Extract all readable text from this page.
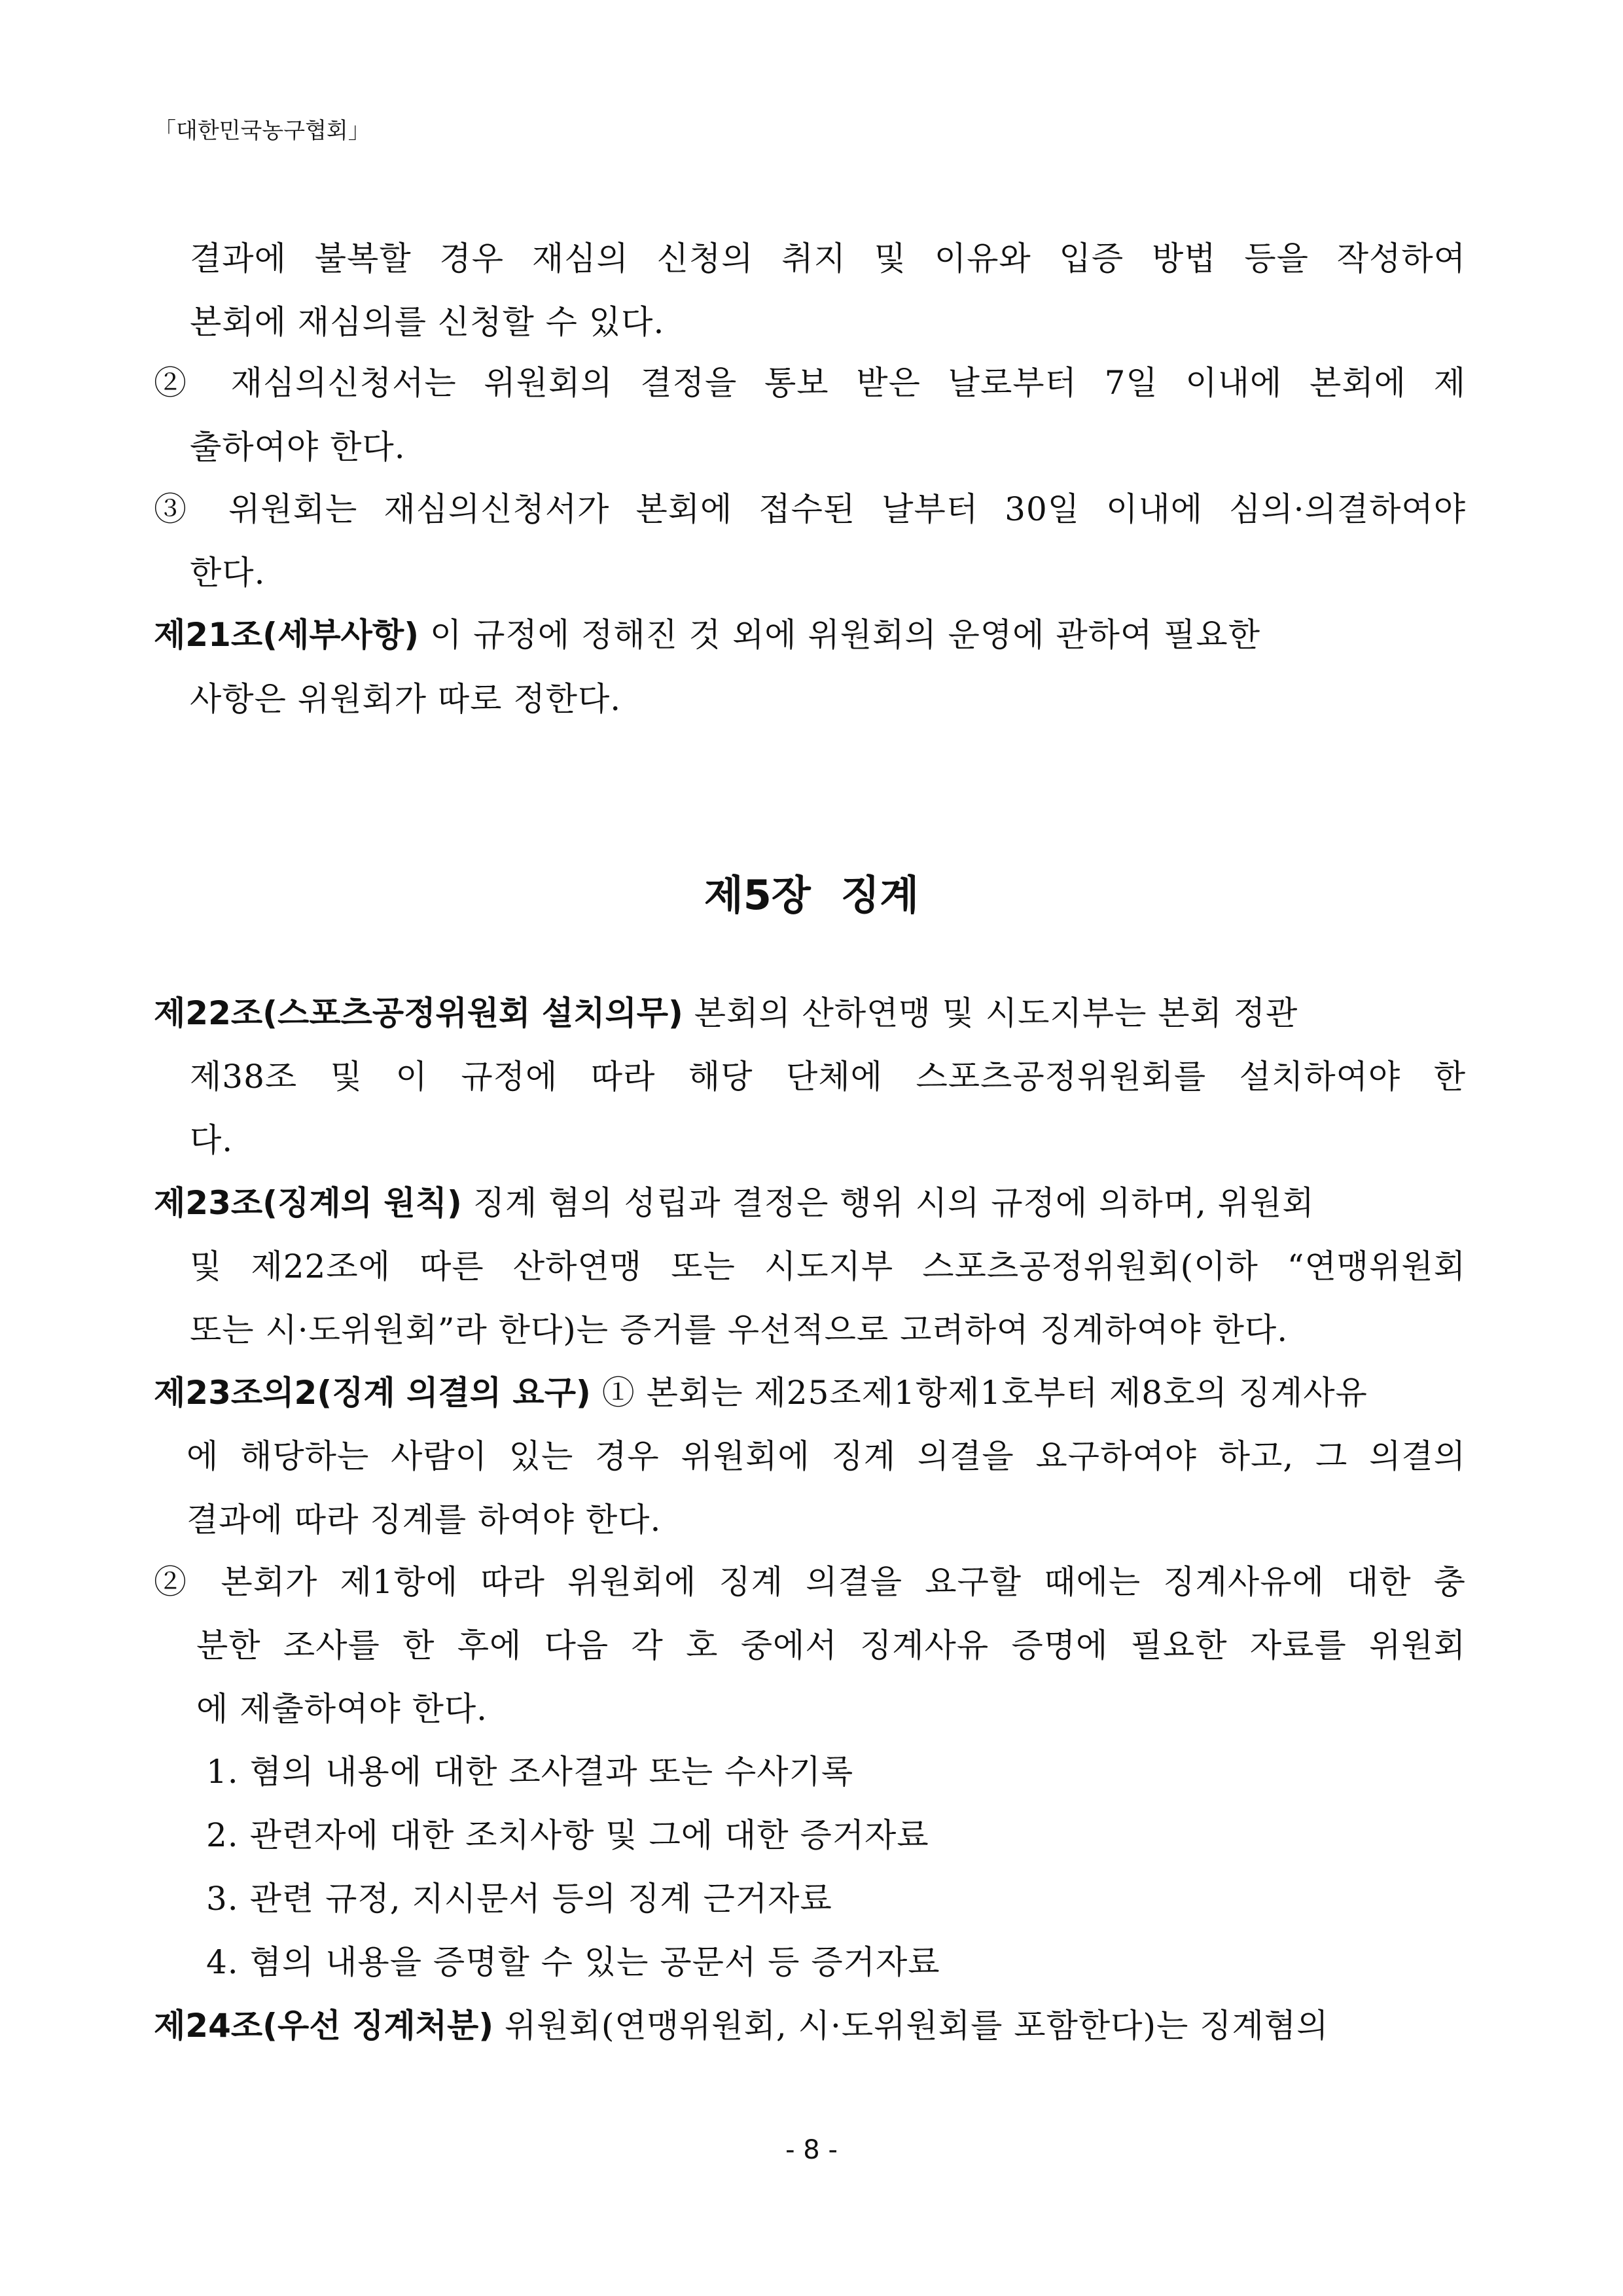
「대한민국농구협회」
결과에 불복할 경우 재심의 신청의 취지 및 이유와 입증 방법 등을 작성하여
본회에 재심의를 신청할 수 있다.
② 재심의신청서는 위원회의 결정을 통보 받은 날로부터 7일 이내에 본회에 제
출하여야 한다.
③ 위원회는 재심의신청서가 본회에 접수된 날부터 30일 이내에 심의·의결하여야
한다.
제21조(세부사항) 이 규정에 정해진 것 외에 위원회의 운영에 관하여 필요한
사항은 위원회가 따로 정한다.
제5장 징계
제22조(스포츠공정위원회 설치의무) 본회의 산하연맹 및 시도지부는 본회 정관
제38조 및 이 규정에 따라 해당 단체에 스포츠공정위원회를 설치하여야 한
다.
제23조(징계의 원칙) 징계 혐의 성립과 결정은 행위 시의 규정에 의하며, 위원회
및 제22조에 따른 산하연맹 또는 시도지부 스포츠공정위원회(이하 “연맹위원회
또는 시·도위원회”라 한다)는 증거를 우선적으로 고려하여 징계하여야 한다.
제23조의2(징계 의결의 요구) ① 본회는 제25조제1항제1호부터 제8호의 징계사유
에 해당하는 사람이 있는 경우 위원회에 징계 의결을 요구하여야 하고, 그 의결의
결과에 따라 징계를 하여야 한다.
② 본회가 제1항에 따라 위원회에 징계 의결을 요구할 때에는 징계사유에 대한 충
분한 조사를 한 후에 다음 각 호 중에서 징계사유 증명에 필요한 자료를 위원회
에 제출하여야 한다.
1. 혐의 내용에 대한 조사결과 또는 수사기록
2. 관련자에 대한 조치사항 및 그에 대한 증거자료
3. 관련 규정, 지시문서 등의 징계 근거자료
4. 혐의 내용을 증명할 수 있는 공문서 등 증거자료
제24조(우선 징계처분) 위원회(연맹위원회, 시·도위원회를 포함한다)는 징계혐의
- 8 -
